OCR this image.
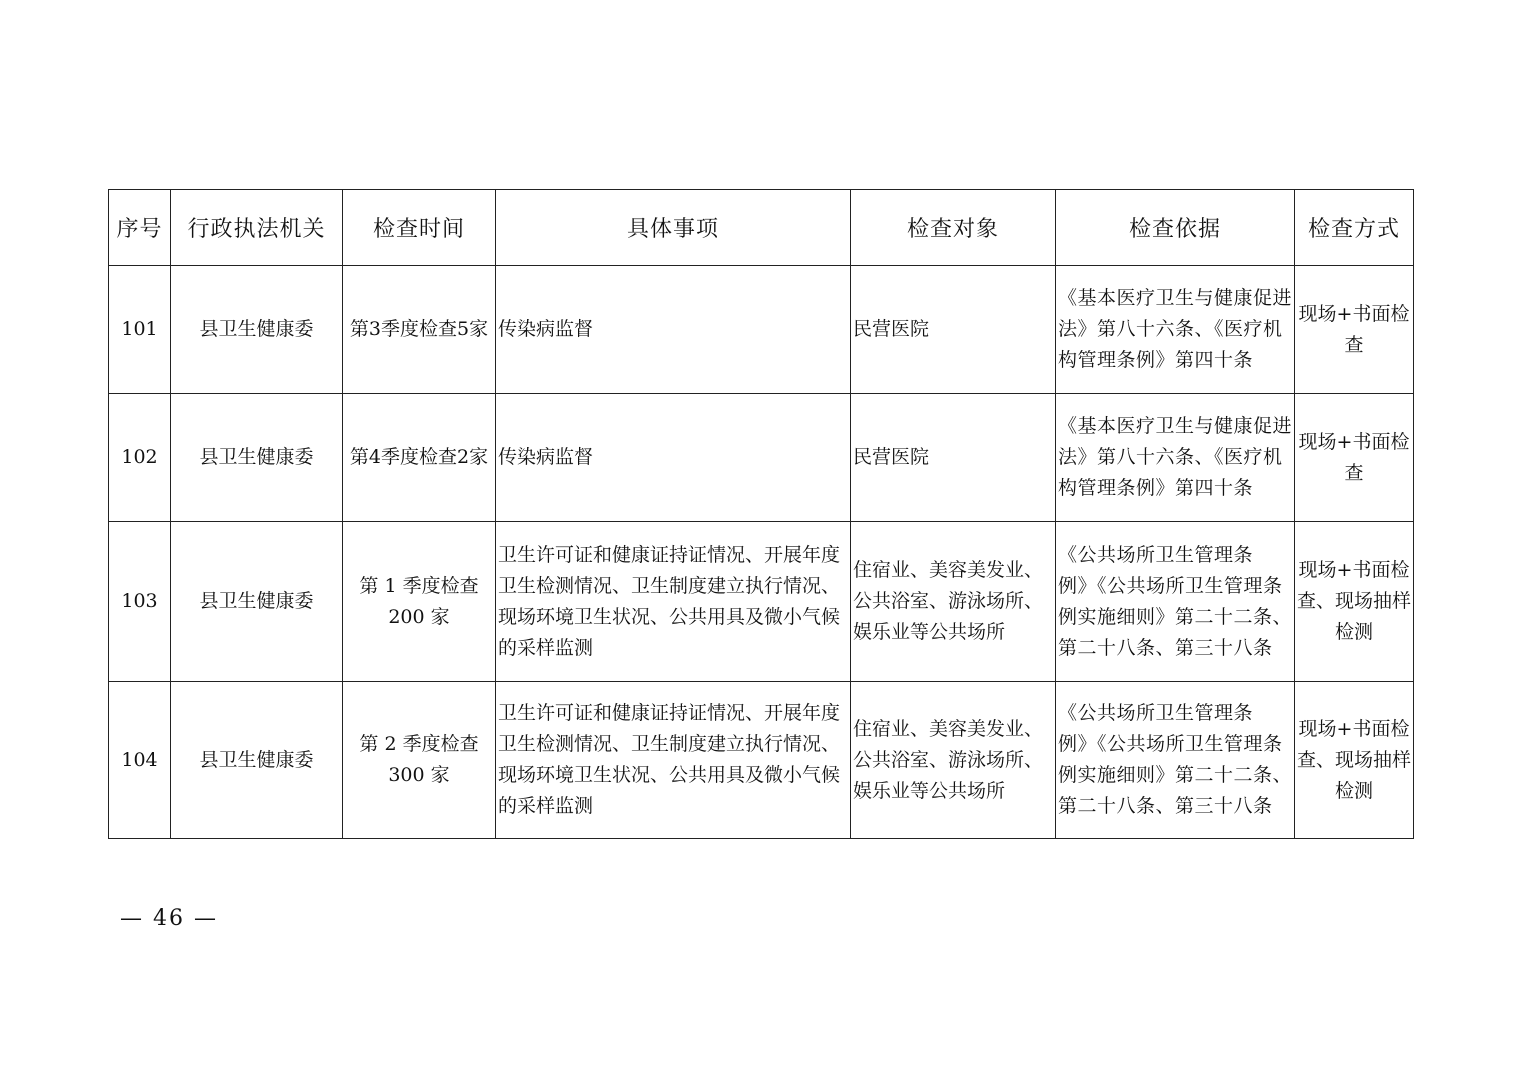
序号	行政执法机关	检查时间	具体事项	检查对象	检查依据	检查方式
101	县卫生健康委	第3季度检查5家	传染病监督	民营医院	《基本医疗卫生与健康促进法》第八十六条、《医疗机构管理条例》第四十条	现场+书面检查
102	县卫生健康委	第4季度检查2家	传染病监督	民营医院	《基本医疗卫生与健康促进法》第八十六条、《医疗机构管理条例》第四十条	现场+书面检查
103	县卫生健康委	第 1 季度检查 200 家	卫生许可证和健康证持证情况、开展年度卫生检测情况、卫生制度建立执行情况、现场环境卫生状况、公共用具及微小气候的采样监测	住宿业、美容美发业、公共浴室、游泳场所、娱乐业等公共场所	《公共场所卫生管理条例》《公共场所卫生管理条例实施细则》第二十二条、第二十八条、第三十八条	现场+书面检查、现场抽样检测
104	县卫生健康委	第 2 季度检查 300 家	卫生许可证和健康证持证情况、开展年度卫生检测情况、卫生制度建立执行情况、现场环境卫生状况、公共用具及微小气候的采样监测	住宿业、美容美发业、公共浴室、游泳场所、娱乐业等公共场所	《公共场所卫生管理条例》《公共场所卫生管理条例实施细则》第二十二条、第二十八条、第三十八条	现场+书面检查、现场抽样检测
— 46 —
